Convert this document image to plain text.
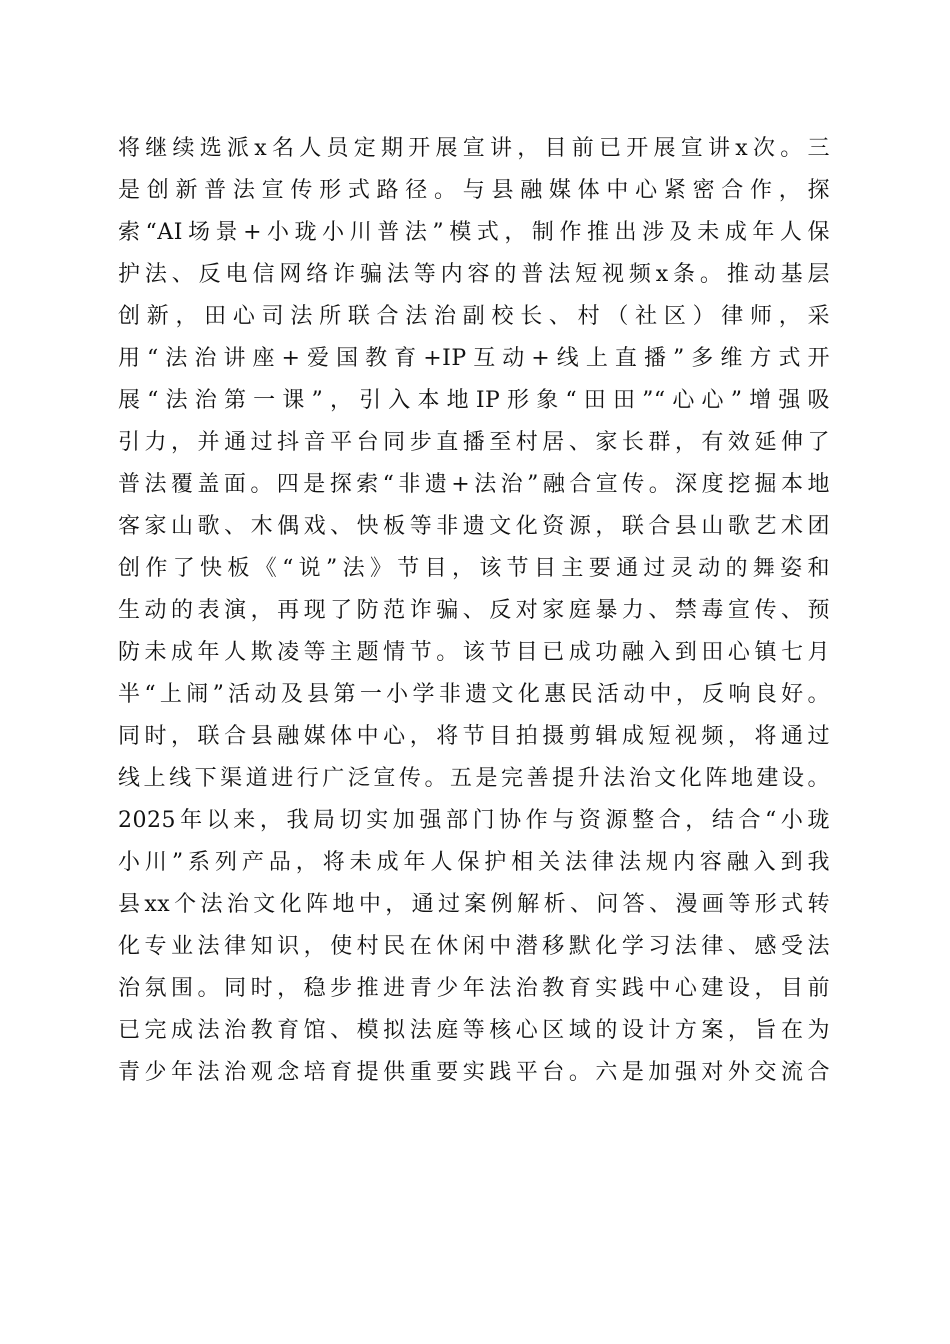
将继续选派x名人员定期开展宣讲，目前已开展宣讲x次。三
是创新普法宣传形式路径。与县融媒体中心紧密合作，探
索“AI场景+小珑小川普法”模式，制作推出涉及未成年人保
护法、反电信网络诈骗法等内容的普法短视频x条。推动基层
创新，田心司法所联合法治副校长、村（社区）律师，采
用“法治讲座+爱国教育+IP互动+线上直播”多维方式开
展“法治第一课”，引入本地IP形象“田田”“心心”增强吸
引力，并通过抖音平台同步直播至村居、家长群，有效延伸了
普法覆盖面。四是探索“非遗+法治”融合宣传。深度挖掘本地
客家山歌、木偶戏、快板等非遗文化资源，联合县山歌艺术团
创作了快板《“说”法》节目，该节目主要通过灵动的舞姿和
生动的表演，再现了防范诈骗、反对家庭暴力、禁毒宣传、预
防未成年人欺凌等主题情节。该节目已成功融入到田心镇七月
半“上闹”活动及县第一小学非遗文化惠民活动中，反响良好。
同时，联合县融媒体中心，将节目拍摄剪辑成短视频，将通过
线上线下渠道进行广泛宣传。五是完善提升法治文化阵地建设。
2025年以来，我局切实加强部门协作与资源整合，结合“小珑
小川”系列产品，将未成年人保护相关法律法规内容融入到我
县xx个法治文化阵地中，通过案例解析、问答、漫画等形式转
化专业法律知识，使村民在休闲中潜移默化学习法律、感受法
治氛围。同时，稳步推进青少年法治教育实践中心建设，目前
已完成法治教育馆、模拟法庭等核心区域的设计方案，旨在为
青少年法治观念培育提供重要实践平台。六是加强对外交流合
